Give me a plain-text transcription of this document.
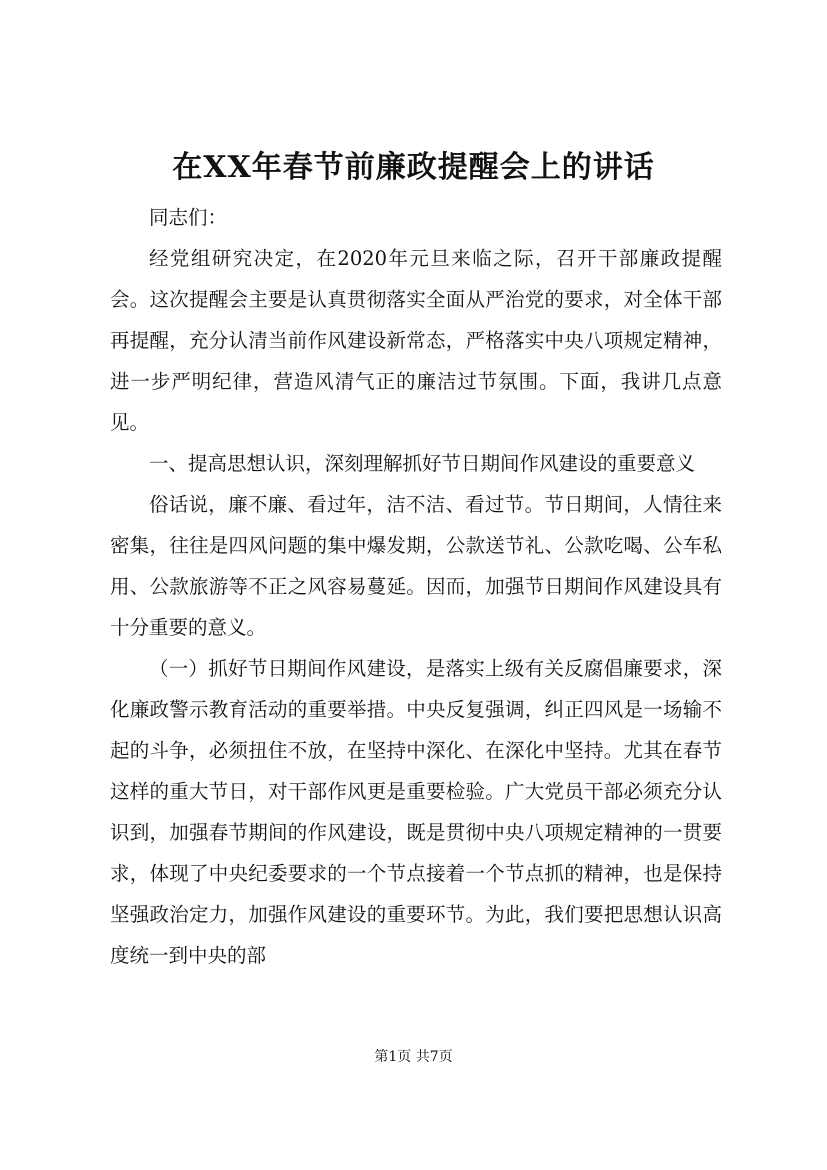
在XX年春节前廉政提醒会上的讲话

同志们：

经党组研究决定，在2020年元旦来临之际，召开干部廉政提醒会。这次提醒会主要是认真贯彻落实全面从严治党的要求，对全体干部再提醒，充分认清当前作风建设新常态，严格落实中央八项规定精神，进一步严明纪律，营造风清气正的廉洁过节氛围。下面，我讲几点意见。

一、提高思想认识，深刻理解抓好节日期间作风建设的重要意义

俗话说，廉不廉、看过年，洁不洁、看过节。节日期间，人情往来密集，往往是四风问题的集中爆发期，公款送节礼、公款吃喝、公车私用、公款旅游等不正之风容易蔓延。因而，加强节日期间作风建设具有十分重要的意义。

（一）抓好节日期间作风建设，是落实上级有关反腐倡廉要求，深化廉政警示教育活动的重要举措。中央反复强调，纠正四风是一场输不起的斗争，必须扭住不放，在坚持中深化、在深化中坚持。尤其在春节这样的重大节日，对干部作风更是重要检验。广大党员干部必须充分认识到，加强春节期间的作风建设，既是贯彻中央八项规定精神的一贯要求，体现了中央纪委要求的一个节点接着一个节点抓的精神，也是保持坚强政治定力，加强作风建设的重要环节。为此，我们要把思想认识高度统一到中央的部

第1页 共7页
